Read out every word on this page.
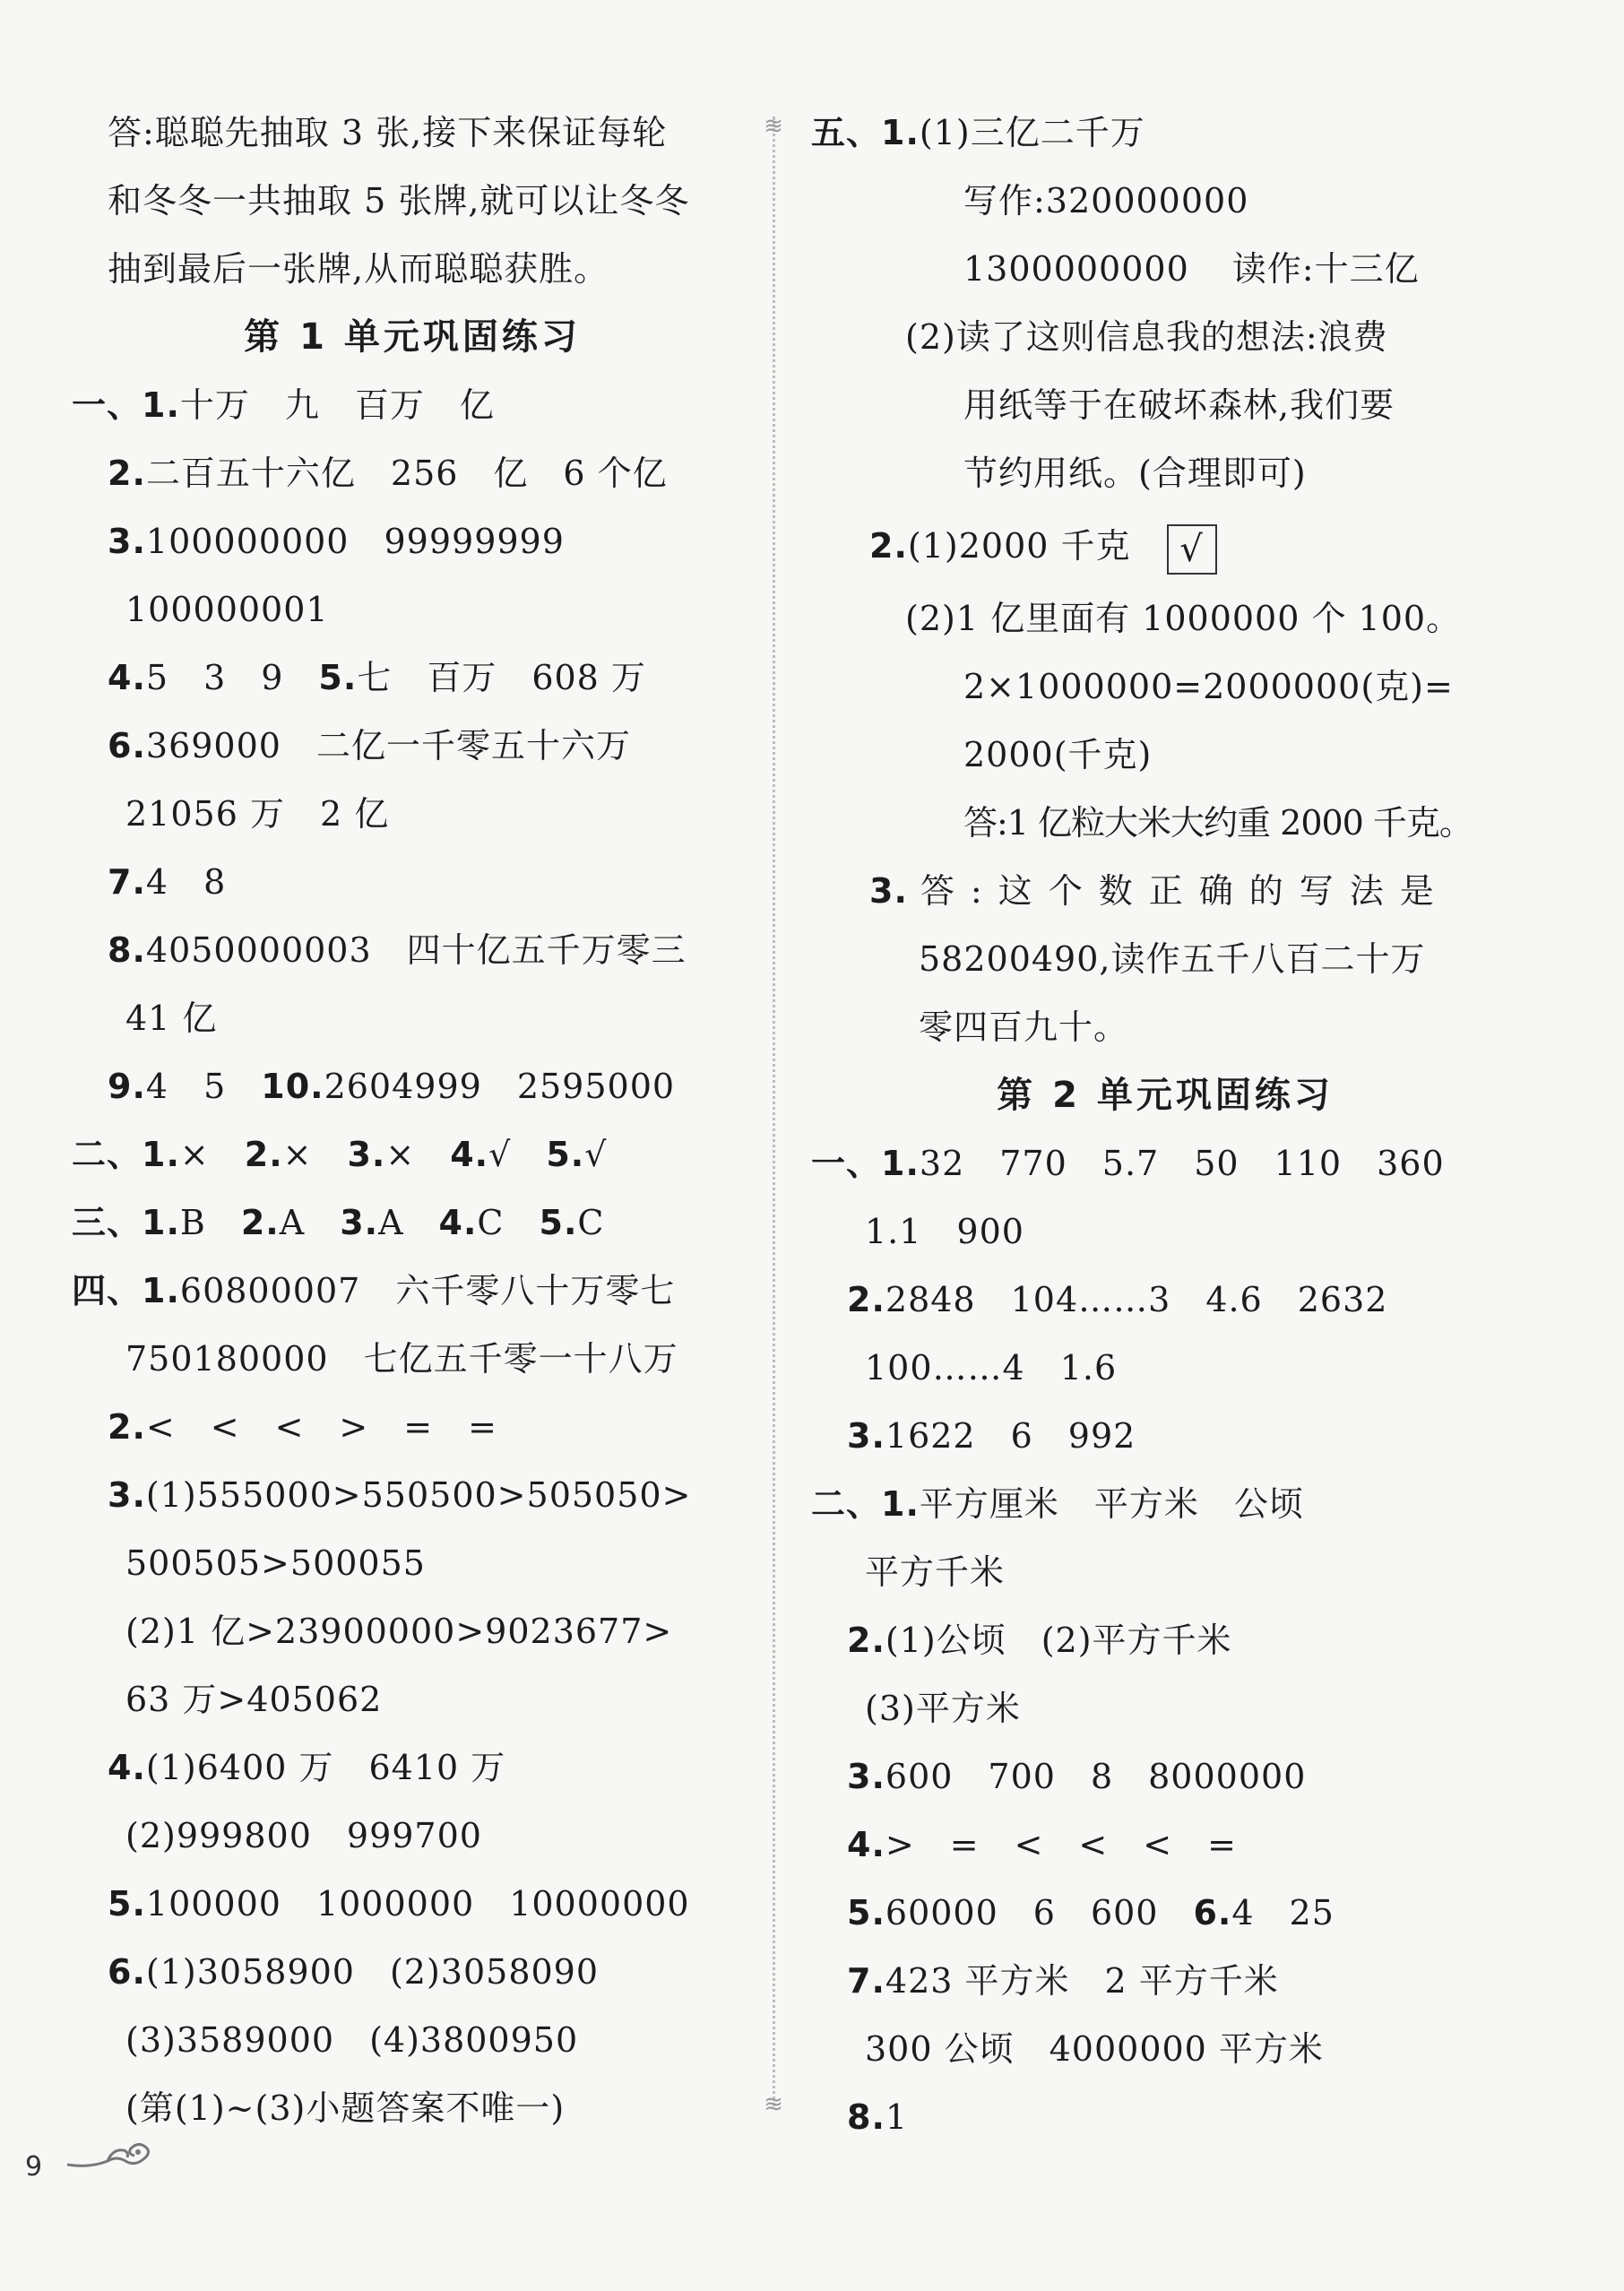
答:聪聪先抽取 3 张,接下来保证每轮
和冬冬一共抽取 5 张牌,就可以让冬冬
抽到最后一张牌,从而聪聪获胜。
第 1 单元巩固练习
一、1.十万　九　百万　亿
2.二百五十六亿　256　亿　6 个亿
3.100000000　99999999
100000001
4.5　3　9　5.七　百万　608 万
6.369000　二亿一千零五十六万
21056 万　2 亿
7.4　8
8.4050000003　四十亿五千万零三
41 亿
9.4　5　10.2604999　2595000
二、1.×　2.×　3.×　4.√　5.√
三、1.B　2.A　3.A　4.C　5.C
四、1.60800007　六千零八十万零七
750180000　七亿五千零一十八万
2.<　<　<　>　=　=
3.(1)555000>550500>505050>
500505>500055
(2)1 亿>23900000>9023677>
63 万>405062
4.(1)6400 万　6410 万
(2)999800　999700
5.100000　1000000　10000000
6.(1)3058900　(2)3058090
(3)3589000　(4)3800950
(第(1)~(3)小题答案不唯一)
≋
≋
五、1.(1)三亿二千万
写作:320000000
1300000000 读作:十三亿
(2)读了这则信息我的想法:浪费
用纸等于在破坏森林,我们要
节约用纸。(合理即可)
2.(1)2000 千克 √
(2)1 亿里面有 1000000 个 100。
2×1000000=2000000(克)=
2000(千克)
答:1 亿粒大米大约重 2000 千克。
3. 答:这个数正确的写法是
58200490,读作五千八百二十万
零四百九十。
第 2 单元巩固练习
一、1.32　770　5.7　50　110　360
1.1　900
2.2848　104……3　4.6　2632
100……4　1.6
3.1622　6　992
二、1.平方厘米　平方米　公顷
平方千米
2.(1)公顷　(2)平方千米
(3)平方米
3.600　700　8　8000000
4.>　=　<　<　<　=
5.60000　6　600　6.4　25
7.423 平方米　2 平方千米
300 公顷　4000000 平方米
8.1
9
